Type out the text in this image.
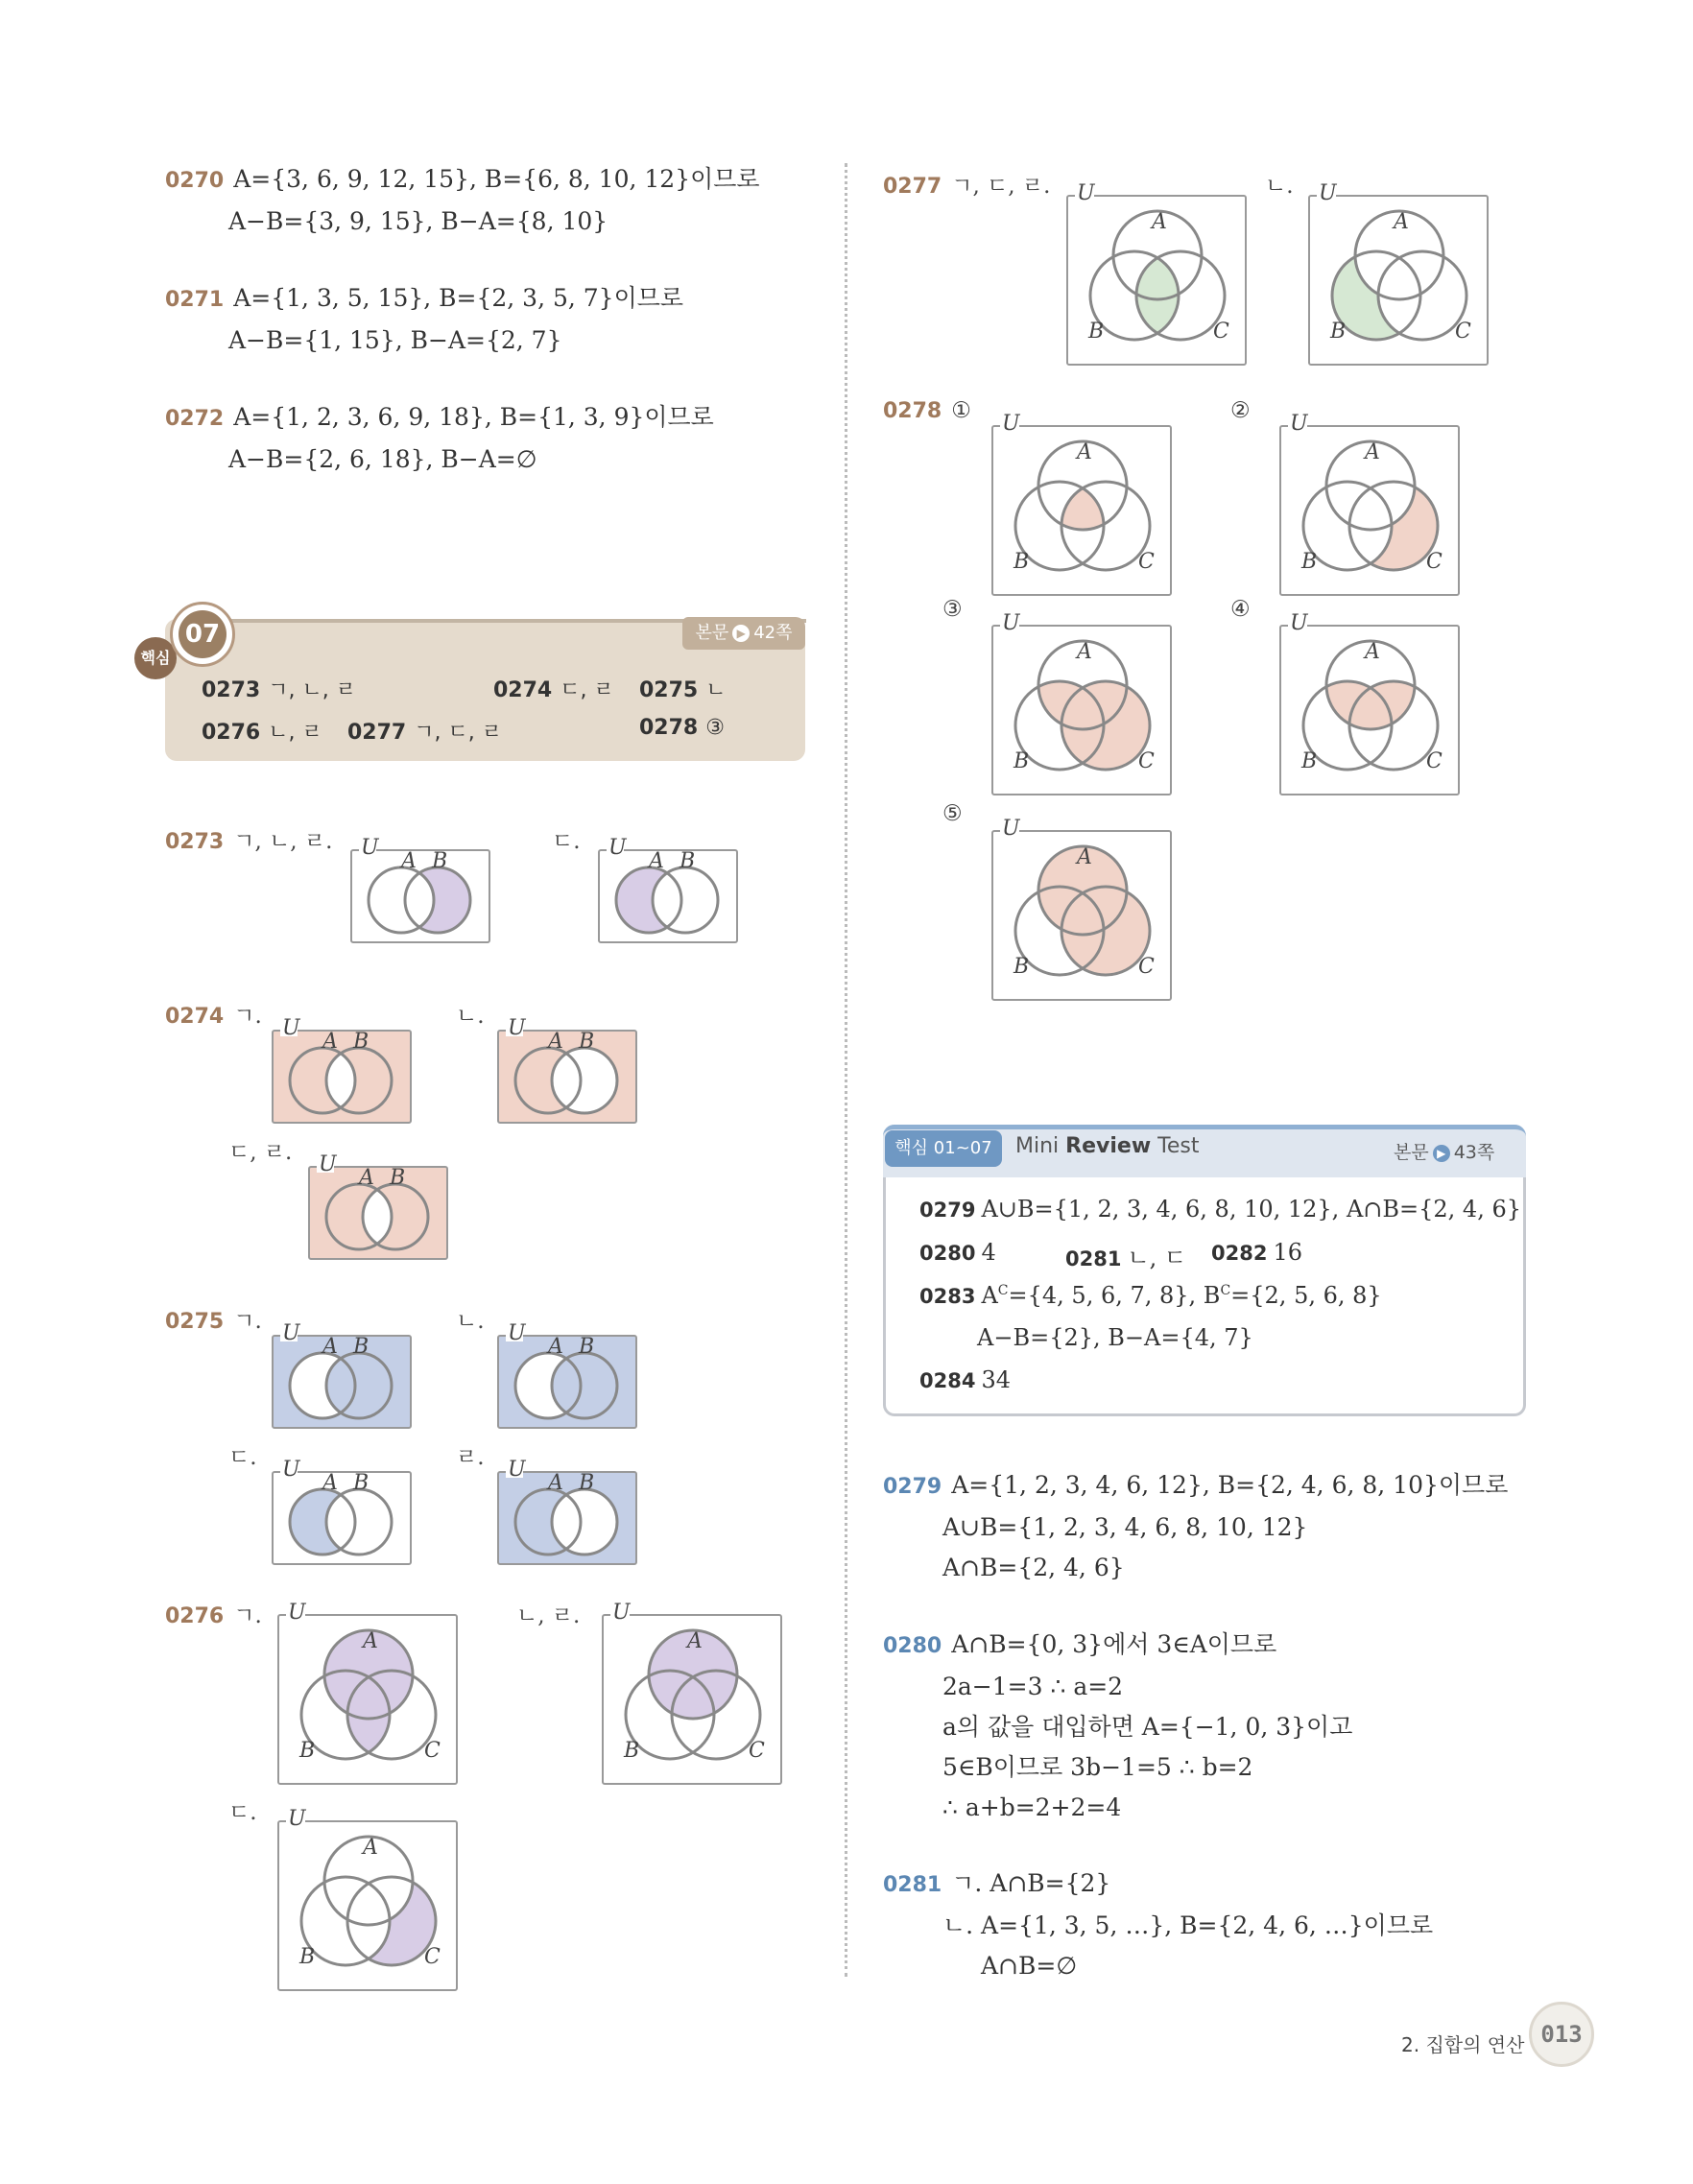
0270 A={3, 6, 9, 12, 15}, B={6, 8, 10, 12}이므로
A−B={3, 9, 15}, B−A={8, 10}
0271 A={1, 3, 5, 15}, B={2, 3, 5, 7}이므로
A−B={1, 15}, B−A={2, 7}
0272 A={1, 2, 3, 6, 9, 18}, B={1, 3, 9}이므로
A−B={2, 6, 18}, B−A=∅
핵심
07	본문 ▶ 42쪽
0273 ㄱ, ㄴ, ㄹ	0274 ㄷ, ㄹ 0275 ㄴ
0276 ㄴ, ㄹ 0277 ㄱ, ㄷ, ㄹ	0278 ③
0273 ㄱ, ㄴ, ㄹ.	ㄷ.
0274 ㄱ.	ㄴ.
ㄷ, ㄹ.
0275 ㄱ.	ㄴ.
ㄷ.	ㄹ.
0276 ㄱ.	ㄴ, ㄹ.
ㄷ.
0277 ㄱ, ㄷ, ㄹ.	ㄴ.
0278 ①	②
③	④
⑤
핵심 01~07	Mini Review Test	본문 ▶ 43쪽
0279 A∪B={1, 2, 3, 4, 6, 8, 10, 12}, A∩B={2, 4, 6}
0280 4	0281 ㄴ, ㄷ 0282 16
0283 $A^C=\{4$, 5, 6, 7, 8}, $B^C=\{2$, 5, 6, 8}
A−B={2}, B−A={4, 7}
0284 34
0279 A={1, 2, 3, 4, 6, 12}, B={2, 4, 6, 8, 10}이므로
A∪B={1, 2, 3, 4, 6, 8, 10, 12}
A∩B={2, 4, 6}
0280 A∩B={0, 3}에서 3∈A이므로
2a−1=3 ∴ a=2
a의 값을 대입하면 A={−1, 0, 3}이고
5∈B이므로 3b−1=5 ∴ b=2
∴ a+b=2+2=4
0281 ㄱ. A∩B={2}
ㄴ. A={1, 3, 5, …}, B={2, 4, 6, …}이므로
A∩B=∅
2. 집합의 연산 013
U
A B
U
A B
U
A B
U
A B
U
A B
U
A B
U
A B
U
A B
U
A B
U
A
B	C
U
A
B	C
U
A
B	C
U
A
B	C
U
A
B	C
U
A
B	C
U
A
B	C
U
A
B	C
U
A
B	C
U
A
B	C
